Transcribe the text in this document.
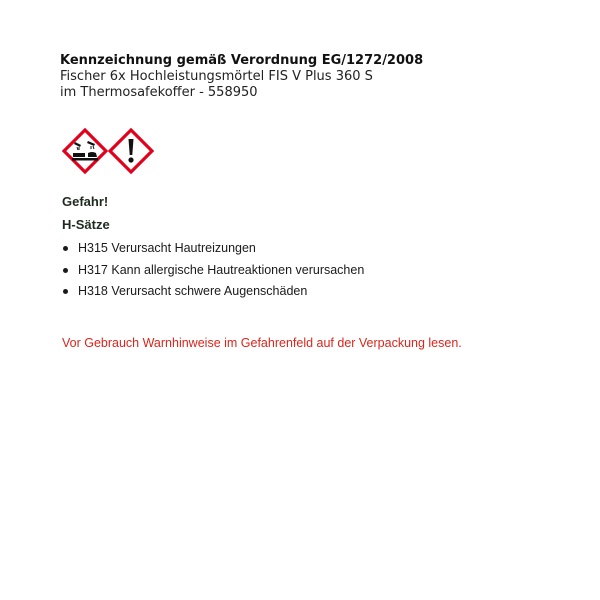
Kennzeichnung gemäß Verordnung EG/1272/2008
Fischer 6x Hochleistungsmörtel FIS V Plus 360 S
im Thermosafekoffer - 558950
Gefahr!
H-Sätze
H315 Verursacht Hautreizungen
H317 Kann allergische Hautreaktionen verursachen
H318 Verursacht schwere Augenschäden
Vor Gebrauch Warnhinweise im Gefahrenfeld auf der Verpackung lesen.
